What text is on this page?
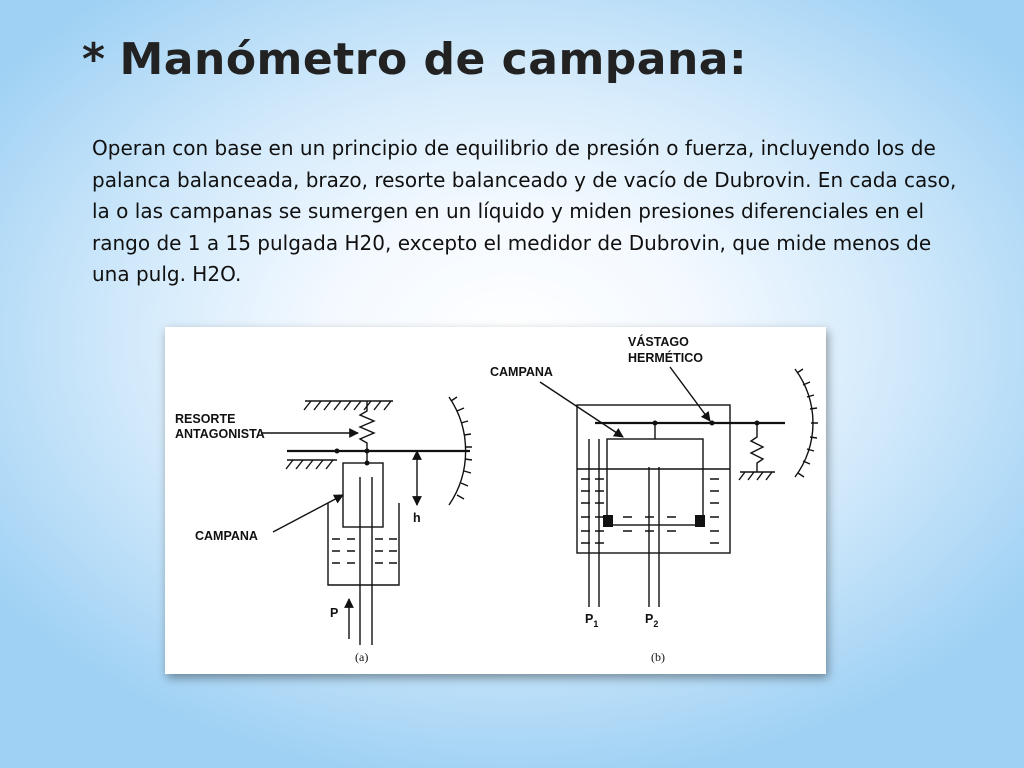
* Manómetro de campana:

Operan con base en un principio de equilibrio de presión o fuerza, incluyendo los de palanca balanceada, brazo, resorte balanceado y de vacío de Dubrovin. En cada caso, la o las campanas se sumergen en un líquido y miden presiones diferenciales en el rango de 1 a 15 pulgada H20, excepto el medidor de Dubrovin, que mide menos de una pulg. H2O.

h
RESORTE
ANTAGONISTA
CAMPANA
P
(a)
CAMPANA
VÁSTAGO
HERMÉTICO
$P_1$	$P_2$
(b)
